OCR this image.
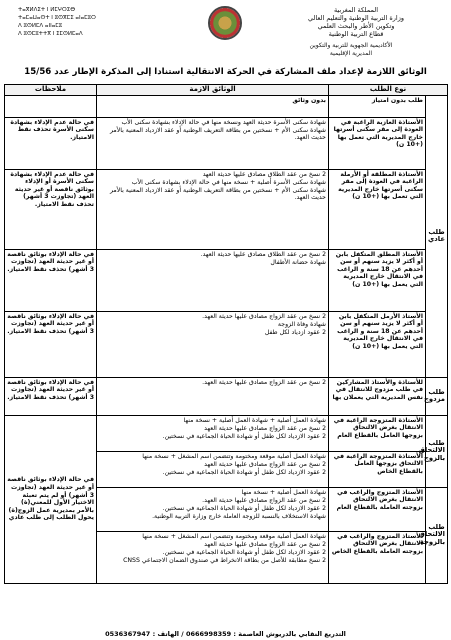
ⵜⴰⴳⵍⴷⵉⵜ ⵏ ⵍⵎⵖⵔⵉⴱ
ⵜⴰⵎⴰⵡⴰⵙⵜ ⵏ ⵓⵙⴳⵎⵉ ⴰⵏⴰⵎⵓⵔ
ⴷ ⵓⵙⵍⵎⴷ ⴰⵏⵏⴰⵎⵓ
ⴷ ⵓⵙⵎⵓⵜⵜⴳ ⵏ ⵉⵎⵙⵍⵎⴰⴷ
المملكة المغربية
وزارة التربية الوطنية والتعليم العالي
وتكوين الأطر والبحث العلمي
قطاع التربية الوطنية
الأكاديمية الجهوية للتربية والتكوين
المديرية الإقليمية
الوثائق اللازمة لإعداد ملف المشاركة في الحركة الانتقالية استنادا إلى المذكرة الإطار عدد 15/56
نوع الطلب		الوثائق الازمة	ملاحظات
طلب عادي	طلب بدون امتياز	بدون وثائق	

	الأستاذة العازبة الراغبة في العودة إلى مقر سكنى أسرتها خارج المديرية التي تعمل بها (+10 ن)	شهادة سكنى الأسرة حديثة العهد ونسخة منها في حالة الإدلاء بشهادة سكنى الأب
شهادة سكنى الأم + نسختين من بطاقة التعريف الوطنية أو عقد الازدياد المعنية بالأمر حديث العهد.	في حالة عدم الإدلاء بشهادة سكنى الأسرة تحذف نقط الامتياز.
	الأستاذة المطلقة أو الأرملة الراغبة في العودة إلى مقر سكنى أسرتها خارج المديرية التي تعمل بها (+10 ن)	2 نسخ من عقد الطلاق مصادق عليها حديثة العهد
شهادة سكنى الأسرة أصلية + نسخة منها في حالة الإدلاء بشهادة سكنى الأب
شهادة سكنى الأم + نسختين من بطاقة التعريف الوطنية أو عقد الازدياد المعنية بالأمر حديث العهد.	في حالة عدم الإدلاء بشهادة سكنى الأسرة أو الإدلاء بوثائق ناقصة أو غير حديثة العهد (تجاوزت 3 أشهر) تحذف نقط الامتياز.
	الأستاذ المطلق المتكفل بابن أو أكثر لا يزيد سنهم أو سن أحدهم عن 18 سنة و الراغب في الانتقال خارج المديرية التي يعمل بها (+10 ن)	2 نسخ من عقد الطلاق مصادق عليها حديثة العهد.
شهادة حضانة الأطفال	في حالة الإدلاء بوثائق ناقصة أو غير حديثة العهد (تجاوزت 3 أشهر) تحذف نقط الامتياز.
	الأستاذ الأرمل المتكفل بابن أو أكثر لا يزيد سنهم أو سن أحدهم عن 18 سنة و الراغب في الانتقال خارج المديرية التي يعمل بها (+10 ن)	2 نسخ من عقد الزواج مصادق عليها حديثة العهد.
شهادة وفاة الزوجة
2 عقود ازدياد لكل طفل	في حالة الإدلاء بوثائق ناقصة أو غير حديثة العهد (تجاوزت 3 أشهر) تحذف نقط الامتياز.
طلب مزدوج	للأستاذة والأستاذ المشاركين في طلب مزدوج للانتقال في نفس المديرية التي يعملان بها	2 نسخ من عقد الزواج مصادق عليها حديثة العهد.	في حالة الإدلاء بوثائق ناقصة أو غير حديثة العهد (تجاوزت 3 أشهر) تحذف نقط الامتياز.
طلب الالتحاق بالزوج	الأستاذة المتزوجة الراغبة في الانتقال بغرض الالتحاق بزوجها العامل بالقطاع العام	شهادة العمل أصلية + شهادة العمل أصلية + نسخة منها
2 نسخ من عقد الزواج مصادق عليها حديثة العهد
2 عقود الازدياد لكل طفل أو شهادة الحياة الجماعية في نسختين.	في حالة الإدلاء بوثائق ناقصة أو غير حديثة العهد (تجاوزت 3 أشهر) أو لم يتم تعبئة الاختيار الأول للمعني(ة) بالأمر بمديرية عمل الزوج(ة) يحول الطلب إلى طلب عادي
	الأستاذة المتزوجة الراغبة في الالتحاق بزوجها العامل بالقطاع الخاص	شهادة العمل أصلية موقعة ومختومة وتتضمن اسم المشغل + نسخة منها
2 نسخ من عقد الزواج مصادق عليها حديثة العهد
2 عقود الازدياد لكل طفل أو شهادة الحياة الجماعية في نسختين.	

طلب الالتحاق بالزوجة	الأستاذ المتزوج والراغب في الانتقال بغرض الالتحاق بزوجته العاملة بالقطاع العام	شهادة العمل أصلية + نسخة منها
2 نسخ من عقد الزواج مصادق عليها حديثة العهد.
2 عقود الازدياد لكل طفل أو شهادة الحياة الجماعية في نسختين.
شهادة الاستخلاف بالنسبة للزوجة العاملة خارج وزارة التربية الوطنية.	

	الأستاذ المتزوج والراغب في الانتقال بغرض الالتحاق بزوجته العاملة بالقطاع الخاص	شهادة العمل أصلية موقعة ومختومة وتتضمن اسم المشغل + نسخة منها
2 نسخ من عقد الزواج مصادق عليها حديثة العهد
2 عقود الازدياد لكل طفل أو شهادة الحياة الجماعية في نسختين.
2 نسخ مطابقة للأصل من بطاقة الانخراط في صندوق الضمان الاجتماعي CNSS	
التدريع النقابي بالدريوش العاصمة : 0666998359 / الهاتف : 0536367947
